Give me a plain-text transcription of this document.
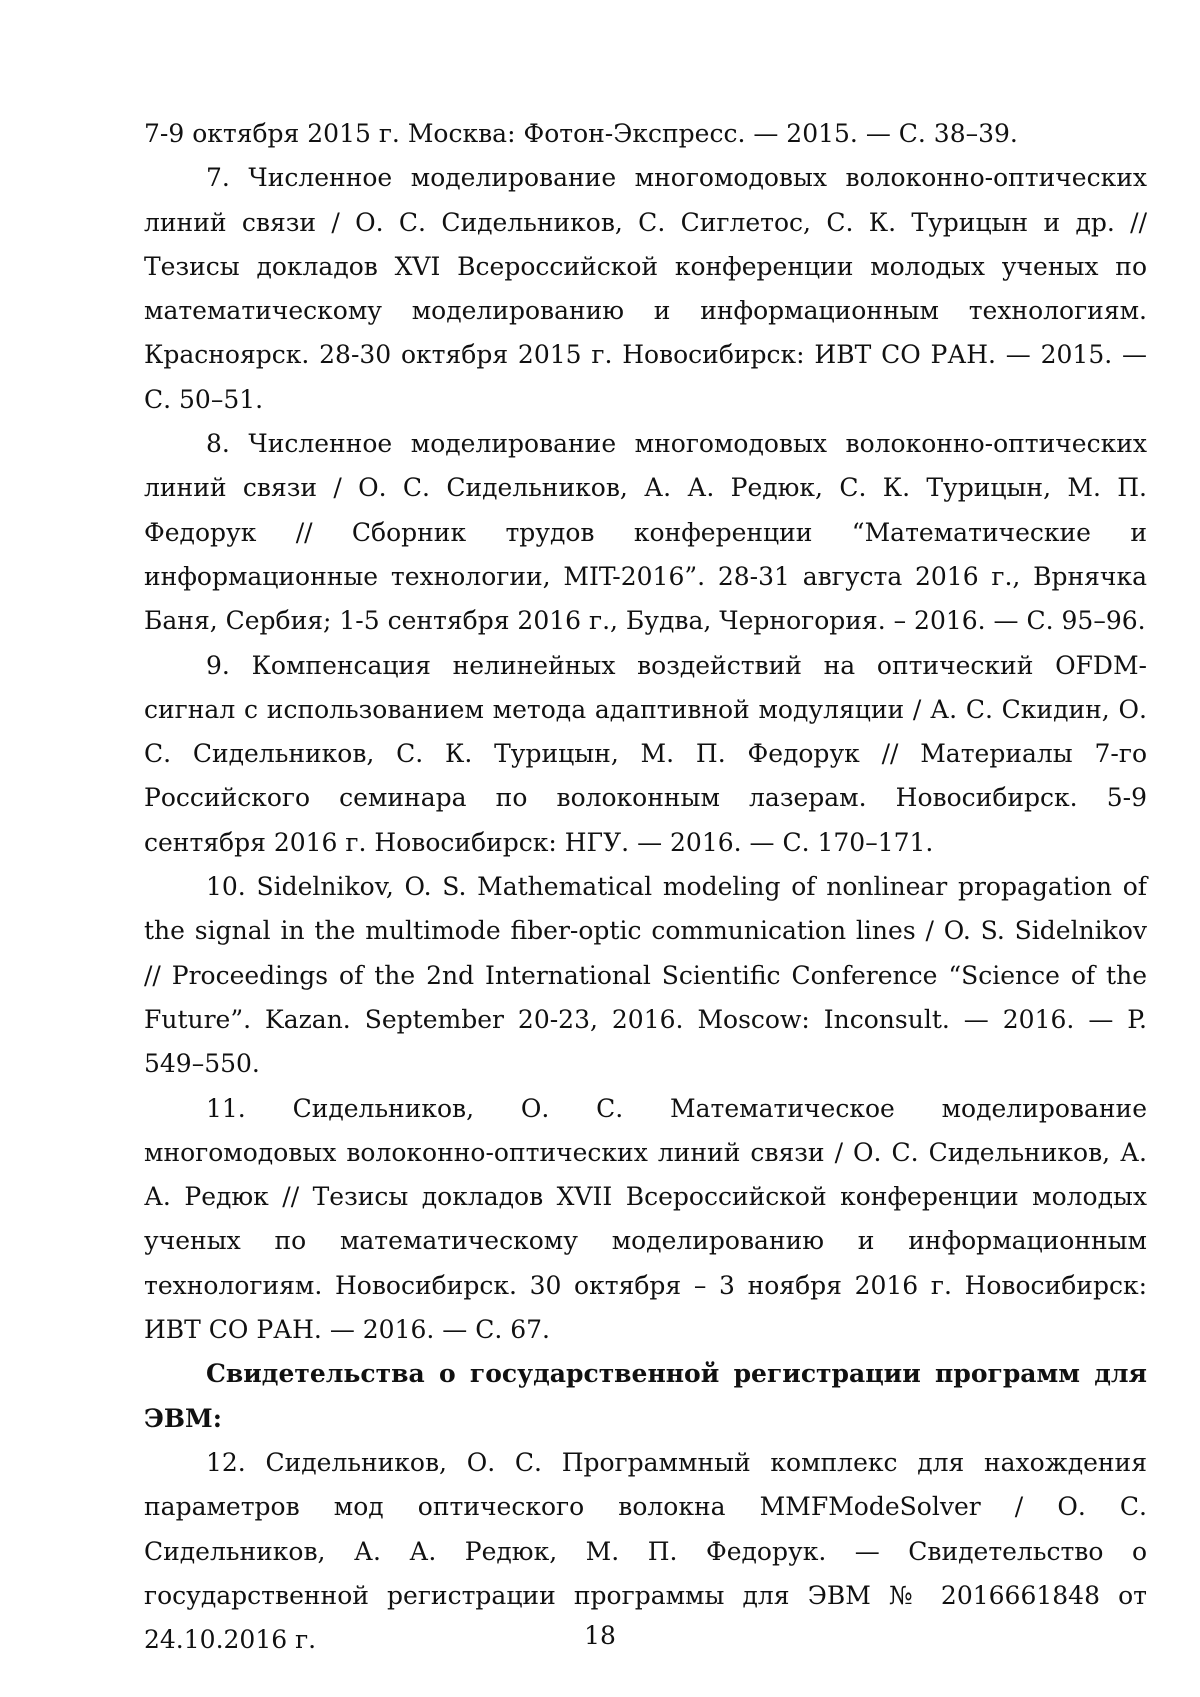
7-9 октября 2015 г. Москва: Фотон-Экспресс. — 2015. — С. 38–39.

7. Численное моделирование многомодовых волоконно-оптических линий связи / О. С. Сидельников, С. Сиглетос, С. К. Турицын и др. // Тезисы докладов XVI Всероссийской конференции молодых ученых по математическому моделированию и информационным технологиям. Красноярск. 28-30 октября 2015 г. Новосибирск: ИВТ СО РАН. — 2015. — С. 50–51.

8. Численное моделирование многомодовых волоконно-оптических линий связи / О. С. Сидельников, А. А. Редюк, С. К. Турицын, М. П. Федорук // Сборник трудов конференции “Математические и информационные технологии, MIT-2016”. 28-31 августа 2016 г., Врнячка Баня, Сербия; 1-5 сентября 2016 г., Будва, Черногория. – 2016. — С. 95–96.

9. Компенсация нелинейных воздействий на оптический OFDM-сигнал с использованием метода адаптивной модуляции / А. С. Скидин, О. С. Сидельников, С. К. Турицын, М. П. Федорук // Материалы 7-го Российского семинара по волоконным лазерам. Новосибирск. 5-9 сентября 2016 г. Новосибирск: НГУ. — 2016. — С. 170–171.

10. Sidelnikov, O. S. Mathematical modeling of nonlinear propagation of the signal in the multimode fiber-optic communication lines / O. S. Sidelnikov // Proceedings of the 2nd International Scientific Conference “Science of the Future”. Kazan. September 20-23, 2016. Moscow: Inconsult. — 2016. — P. 549–550.

11. Сидельников, О. С. Математическое моделирование многомодовых волоконно-оптических линий связи / О. С. Сидельников, А. А. Редюк // Тезисы докладов XVII Всероссийской конференции молодых ученых по математическому моделированию и информационным технологиям. Новосибирск. 30 октября – 3 ноября 2016 г. Новосибирск: ИВТ СО РАН. — 2016. — С. 67.

Свидетельства о государственной регистрации программ для ЭВМ:

12. Сидельников, О. С. Программный комплекс для нахождения параметров мод оптического волокна MMFModeSolver / О. С. Сидельников, А. А. Редюк, М. П. Федорук. — Свидетельство о государственной регистрации программы для ЭВМ № 2016661848 от 24.10.2016 г.	18
